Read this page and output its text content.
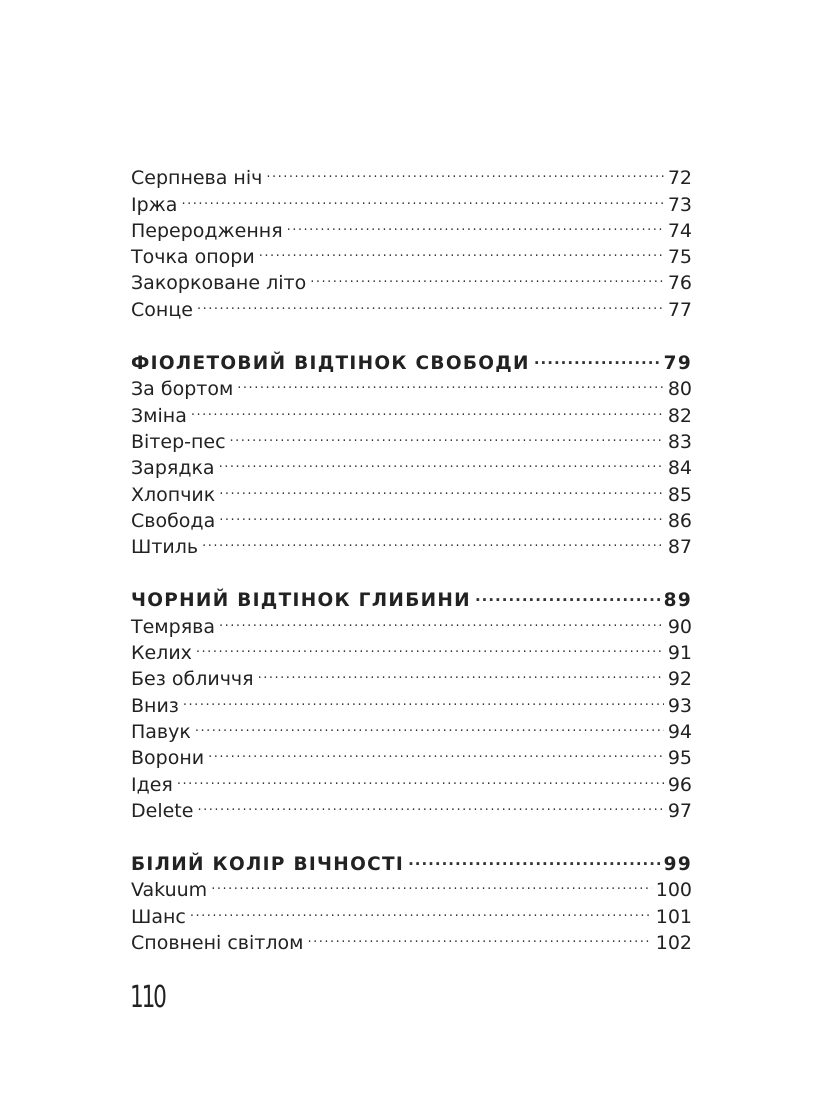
Серпнева ніч .....	72
Іржа .....	73
Переродження .....	74
Точка опори .....	75
Закорковане літо .....	76
Сонце .....	77
ФІОЛЕТОВИЙ ВІДТІНОК СВОБОДИ .....	79
За бортом .....	80
Зміна .....	82
Вітер-пес .....	83
Зарядка .....	84
Хлопчик .....	85
Свобода .....	86
Штиль .....	87
ЧОРНИЙ ВІДТІНОК ГЛИБИНИ .....	89
Темрява .....	90
Келих .....	91
Без обличчя .....	92
Вниз .....	93
Павук .....	94
Ворони .....	95
Ідея .....	96
Delete .....	97
БІЛИЙ КОЛІР ВІЧНОСТІ .....	99
Vakuum .....	100
Шанс .....	101
Сповнені світлом .....	102
110
